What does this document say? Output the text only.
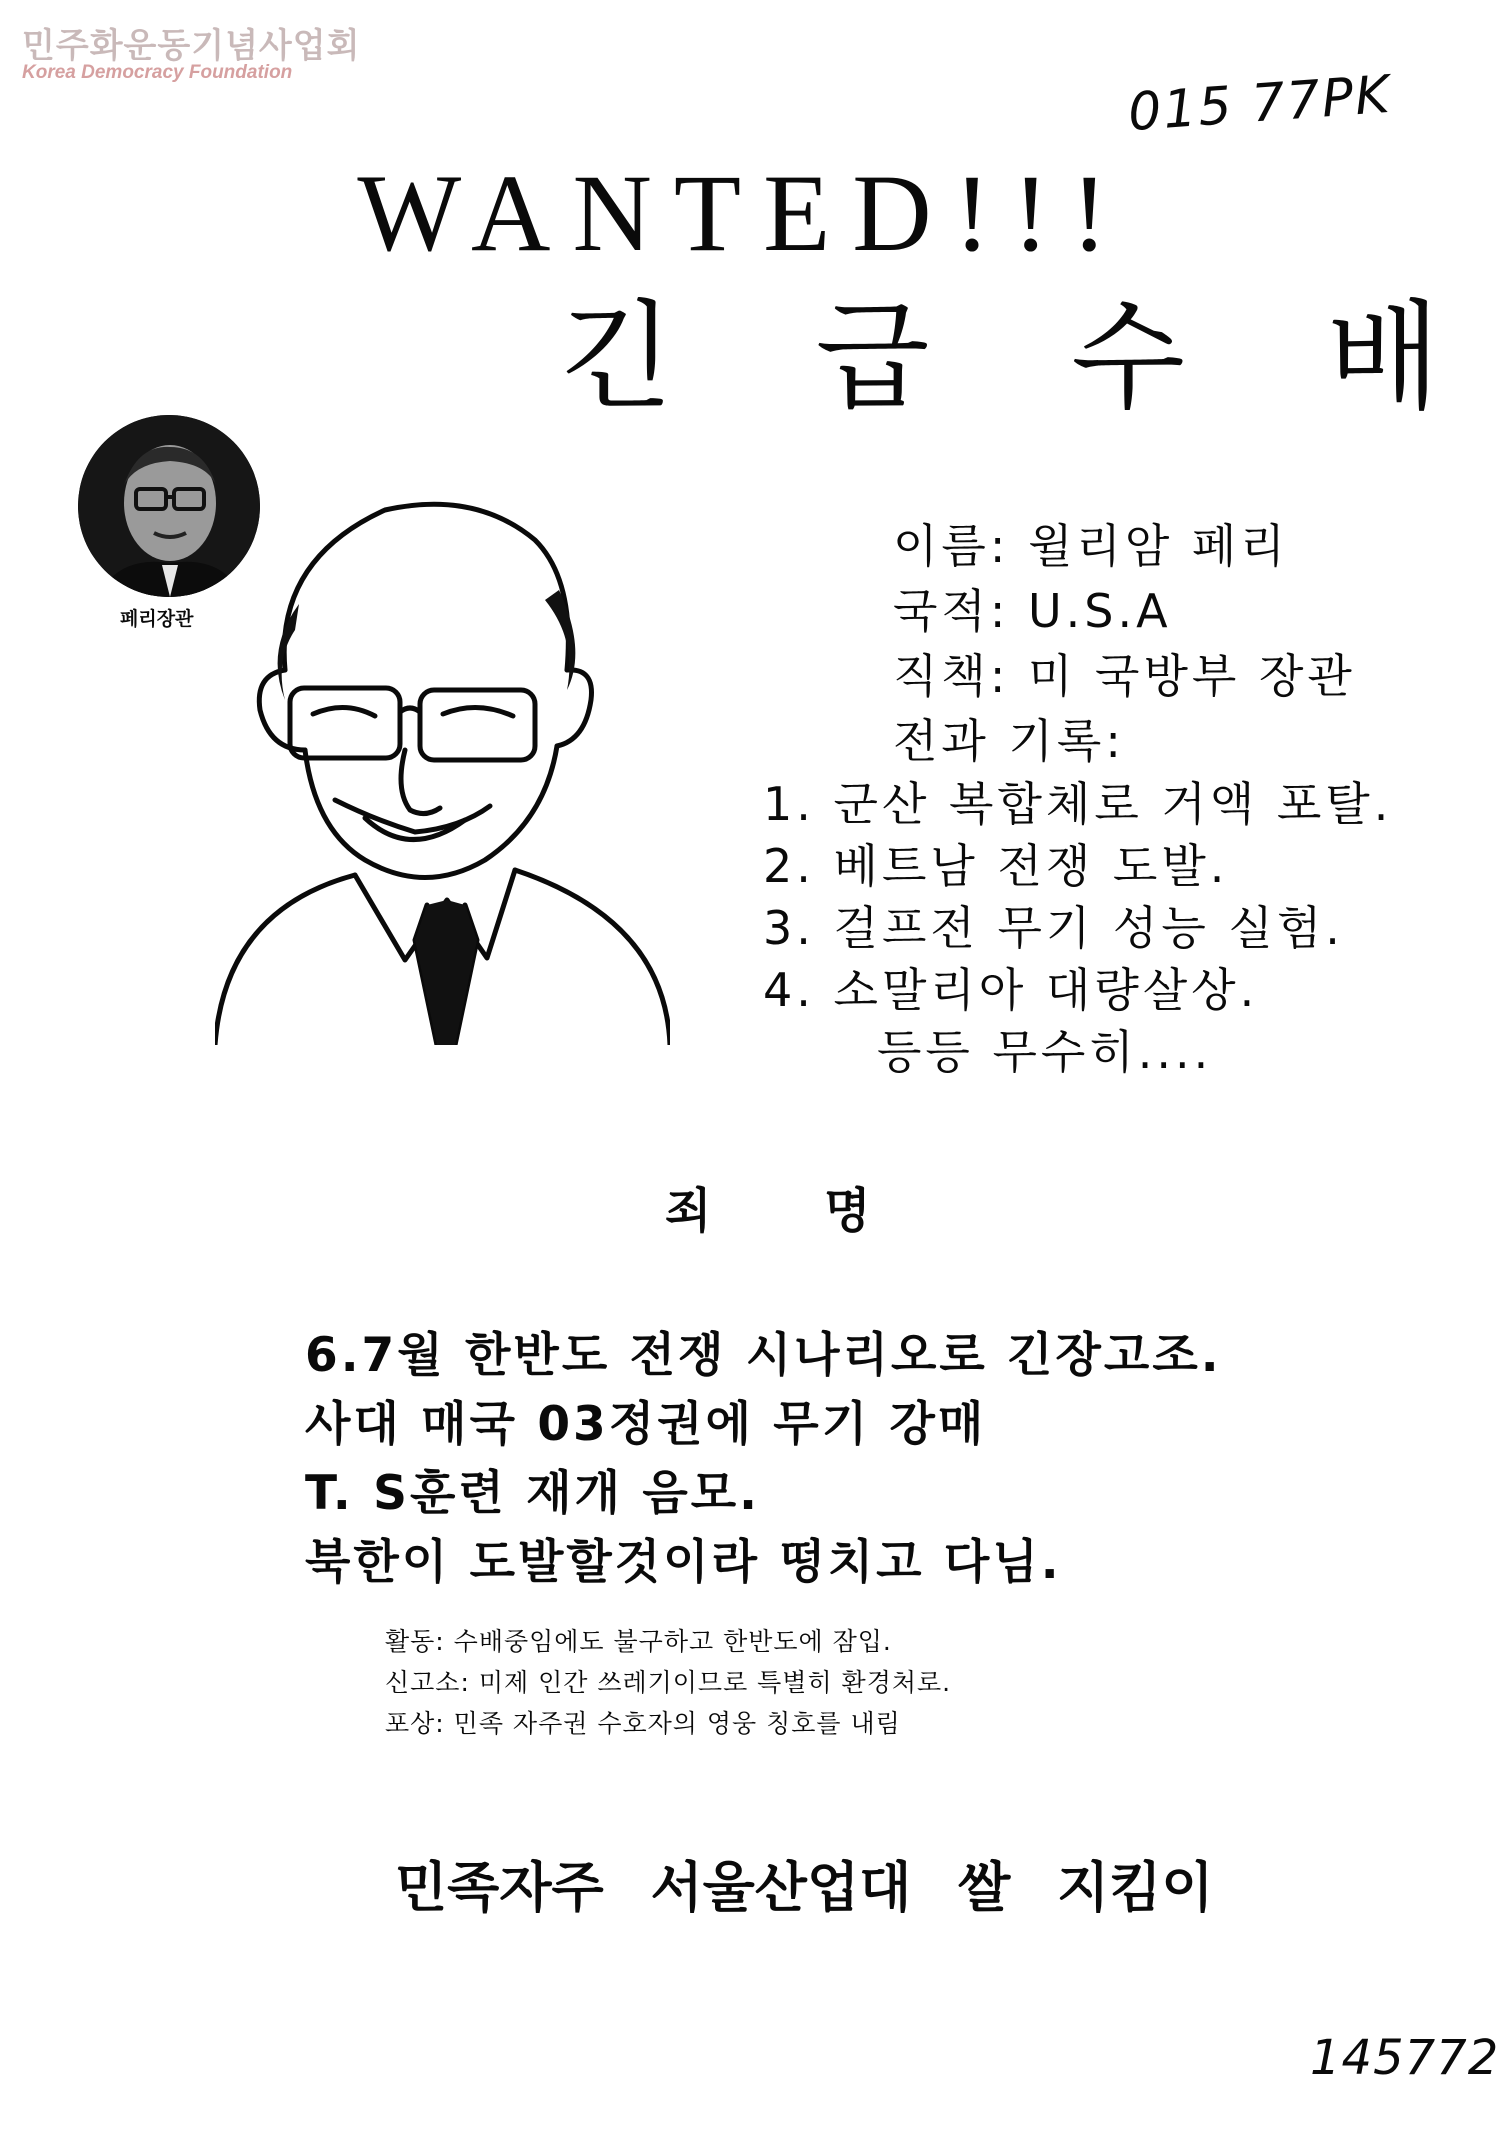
민주화운동기념사업회
Korea Democracy Foundation	015 77PK
WANTED!!!
긴 급 수 배
페리장관
이름: 윌리암 페리
국적: U.S.A
직책: 미 국방부 장관
전과 기록:
1. 군산 복합체로 거액 포탈.
2. 베트남 전쟁 도발.
3. 걸프전 무기 성능 실험.
4. 소말리아 대량살상.
등등 무수히....
죄 명
6.7월 한반도 전쟁 시나리오로 긴장고조.
사대 매국 03정권에 무기 강매
T. S훈련 재개 음모.
북한이 도발할것이라 떵치고 다님.
활동: 수배중임에도 불구하고 한반도에 잠입.
신고소: 미제 인간 쓰레기이므로 특별히 환경처로.
포상: 민족 자주권 수호자의 영웅 칭호를 내림
민족자주 서울산업대 쌀 지킴이
145772
